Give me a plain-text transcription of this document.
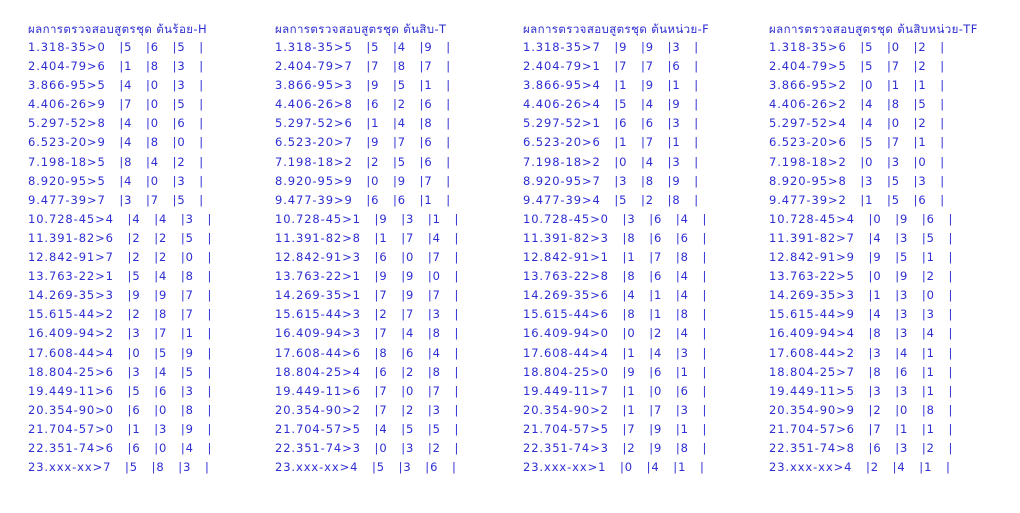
ผลการตรวจสอบสูตรชุด ต้นร้อย-H
1.318-35>0   |5   |6   |5   |
2.404-79>6   |1   |8   |3   |
3.866-95>5   |4   |0   |3   |
4.406-26>9   |7   |0   |5   |
5.297-52>8   |4   |0   |6   |
6.523-20>9   |4   |8   |0   |
7.198-18>5   |8   |4   |2   |
8.920-95>5   |4   |0   |3   |
9.477-39>7   |3   |7   |5   |
10.728-45>4   |4   |4   |3   |
11.391-82>6   |2   |2   |5   |
12.842-91>7   |2   |2   |0   |
13.763-22>1   |5   |4   |8   |
14.269-35>3   |9   |9   |7   |
15.615-44>2   |2   |8   |7   |
16.409-94>2   |3   |7   |1   |
17.608-44>4   |0   |5   |9   |
18.804-25>6   |3   |4   |5   |
19.449-11>6   |5   |6   |3   |
20.354-90>0   |6   |0   |8   |
21.704-57>0   |1   |3   |9   |
22.351-74>6   |6   |0   |4   |
23.xxx-xx>7   |5   |8   |3   |
ผลการตรวจสอบสูตรชุด ต้นสิบ-T
1.318-35>5   |5   |4   |9   |
2.404-79>7   |7   |8   |7   |
3.866-95>3   |9   |5   |1   |
4.406-26>8   |6   |2   |6   |
5.297-52>6   |1   |4   |8   |
6.523-20>7   |9   |7   |6   |
7.198-18>2   |2   |5   |6   |
8.920-95>9   |0   |9   |7   |
9.477-39>9   |6   |6   |1   |
10.728-45>1   |9   |3   |1   |
11.391-82>8   |1   |7   |4   |
12.842-91>3   |6   |0   |7   |
13.763-22>1   |9   |9   |0   |
14.269-35>1   |7   |9   |7   |
15.615-44>3   |2   |7   |3   |
16.409-94>3   |7   |4   |8   |
17.608-44>6   |8   |6   |4   |
18.804-25>4   |6   |2   |8   |
19.449-11>6   |7   |0   |7   |
20.354-90>2   |7   |2   |3   |
21.704-57>5   |4   |5   |5   |
22.351-74>3   |0   |3   |2   |
23.xxx-xx>4   |5   |3   |6   |
ผลการตรวจสอบสูตรชุด ต้นหน่วย-F
1.318-35>7   |9   |9   |3   |
2.404-79>1   |7   |7   |6   |
3.866-95>4   |1   |9   |1   |
4.406-26>4   |5   |4   |9   |
5.297-52>1   |6   |6   |3   |
6.523-20>6   |1   |7   |1   |
7.198-18>2   |0   |4   |3   |
8.920-95>7   |3   |8   |9   |
9.477-39>4   |5   |2   |8   |
10.728-45>0   |3   |6   |4   |
11.391-82>3   |8   |6   |6   |
12.842-91>1   |1   |7   |8   |
13.763-22>8   |8   |6   |4   |
14.269-35>6   |4   |1   |4   |
15.615-44>6   |8   |1   |8   |
16.409-94>0   |0   |2   |4   |
17.608-44>4   |1   |4   |3   |
18.804-25>0   |9   |6   |1   |
19.449-11>7   |1   |0   |6   |
20.354-90>2   |1   |7   |3   |
21.704-57>5   |7   |9   |1   |
22.351-74>3   |2   |9   |8   |
23.xxx-xx>1   |0   |4   |1   |
ผลการตรวจสอบสูตรชุด ต้นสิบหน่วย-TF
1.318-35>6   |5   |0   |2   |
2.404-79>5   |5   |7   |2   |
3.866-95>2   |0   |1   |1   |
4.406-26>2   |4   |8   |5   |
5.297-52>4   |4   |0   |2   |
6.523-20>6   |5   |7   |1   |
7.198-18>2   |0   |3   |0   |
8.920-95>8   |3   |5   |3   |
9.477-39>2   |1   |5   |6   |
10.728-45>4   |0   |9   |6   |
11.391-82>7   |4   |3   |5   |
12.842-91>9   |9   |5   |1   |
13.763-22>5   |0   |9   |2   |
14.269-35>3   |1   |3   |0   |
15.615-44>9   |4   |3   |3   |
16.409-94>4   |8   |3   |4   |
17.608-44>2   |3   |4   |1   |
18.804-25>7   |8   |6   |1   |
19.449-11>5   |3   |3   |1   |
20.354-90>9   |2   |0   |8   |
21.704-57>6   |7   |1   |1   |
22.351-74>8   |6   |3   |2   |
23.xxx-xx>4   |2   |4   |1   |
